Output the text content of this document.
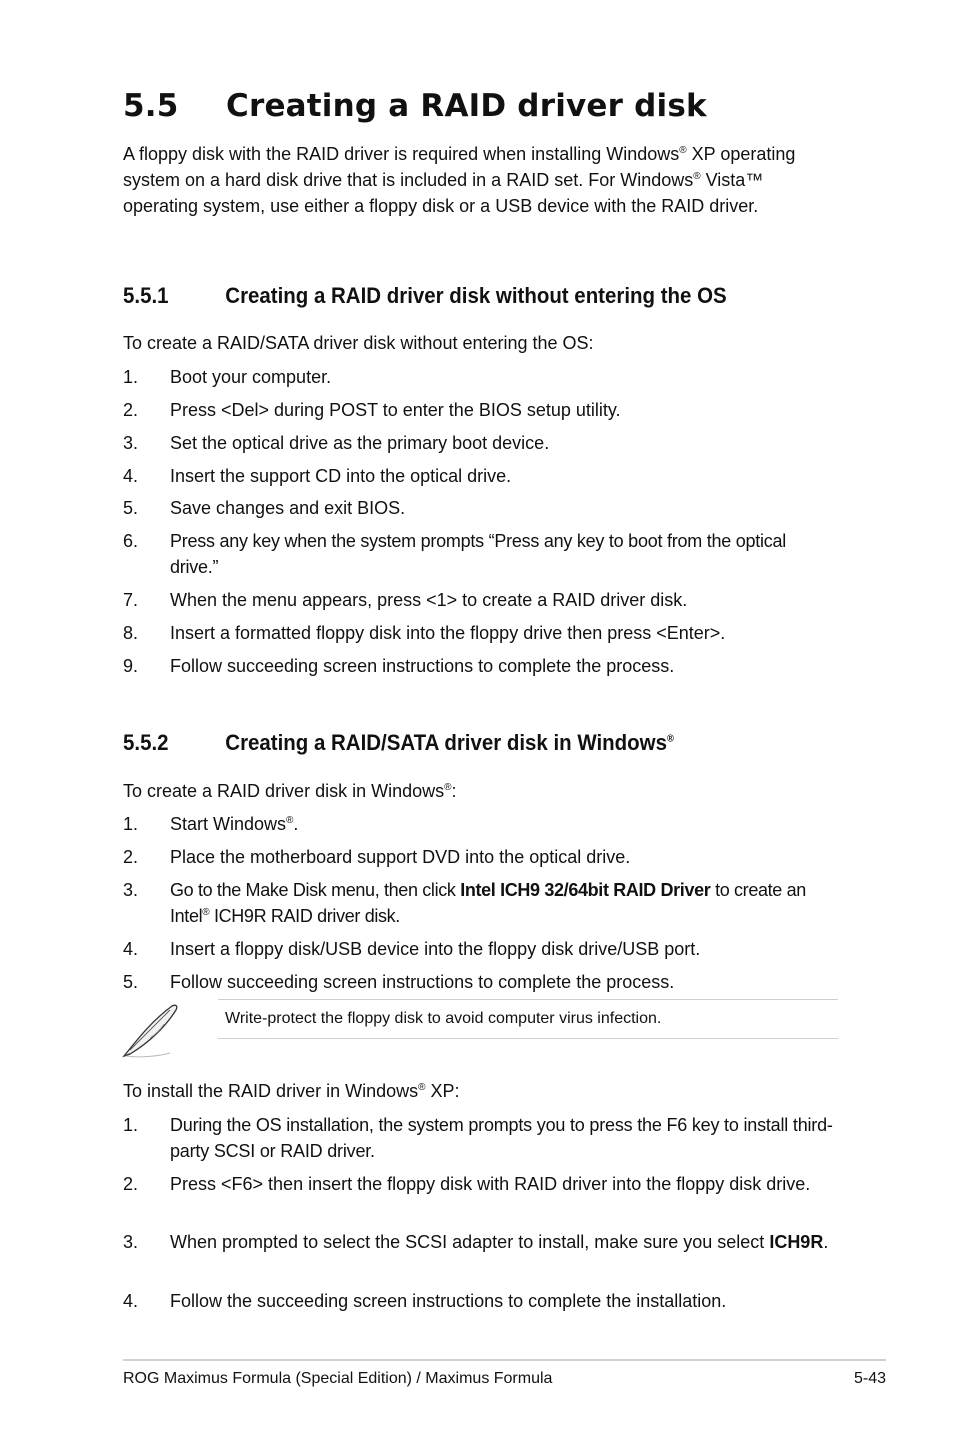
5.5 Creating a RAID driver disk

A floppy disk with the RAID driver is required when installing Windows® XP operating system on a hard disk drive that is included in a RAID set. For Windows® Vista™ operating system, use either a floppy disk or a USB device with the RAID driver.

5.5.1	Creating a RAID driver disk without entering the OS
To create a RAID/SATA driver disk without entering the OS:
1. Boot your computer.
2. Press <Del> during POST to enter the BIOS setup utility.
3. Set the optical drive as the primary boot device.
4. Insert the support CD into the optical drive.
5. Save changes and exit BIOS.
6. Press any key when the system prompts “Press any key to boot from the optical drive.”
7. When the menu appears, press <1> to create a RAID driver disk.
8. Insert a formatted floppy disk into the floppy drive then press <Enter>.
9. Follow succeeding screen instructions to complete the process.
5.5.2	Creating a RAID/SATA driver disk in Windows®
To create a RAID driver disk in Windows®:
1. Start Windows®.
2. Place the motherboard support DVD into the optical drive.
3. Go to the Make Disk menu, then click Intel ICH9 32/64bit RAID Driver to create an Intel® ICH9R RAID driver disk.
4. Insert a floppy disk/USB device into the floppy disk drive/USB port.
5. Follow succeeding screen instructions to complete the process.
Write-protect the floppy disk to avoid computer virus infection.
To install the RAID driver in Windows® XP:
1. During the OS installation, the system prompts you to press the F6 key to install third-party SCSI or RAID driver.
2. Press <F6> then insert the floppy disk with RAID driver into the floppy disk drive.
3. When prompted to select the SCSI adapter to install, make sure you select ICH9R.
4. Follow the succeeding screen instructions to complete the installation.
ROG Maximus Formula (Special Edition) / Maximus Formula	5-43
